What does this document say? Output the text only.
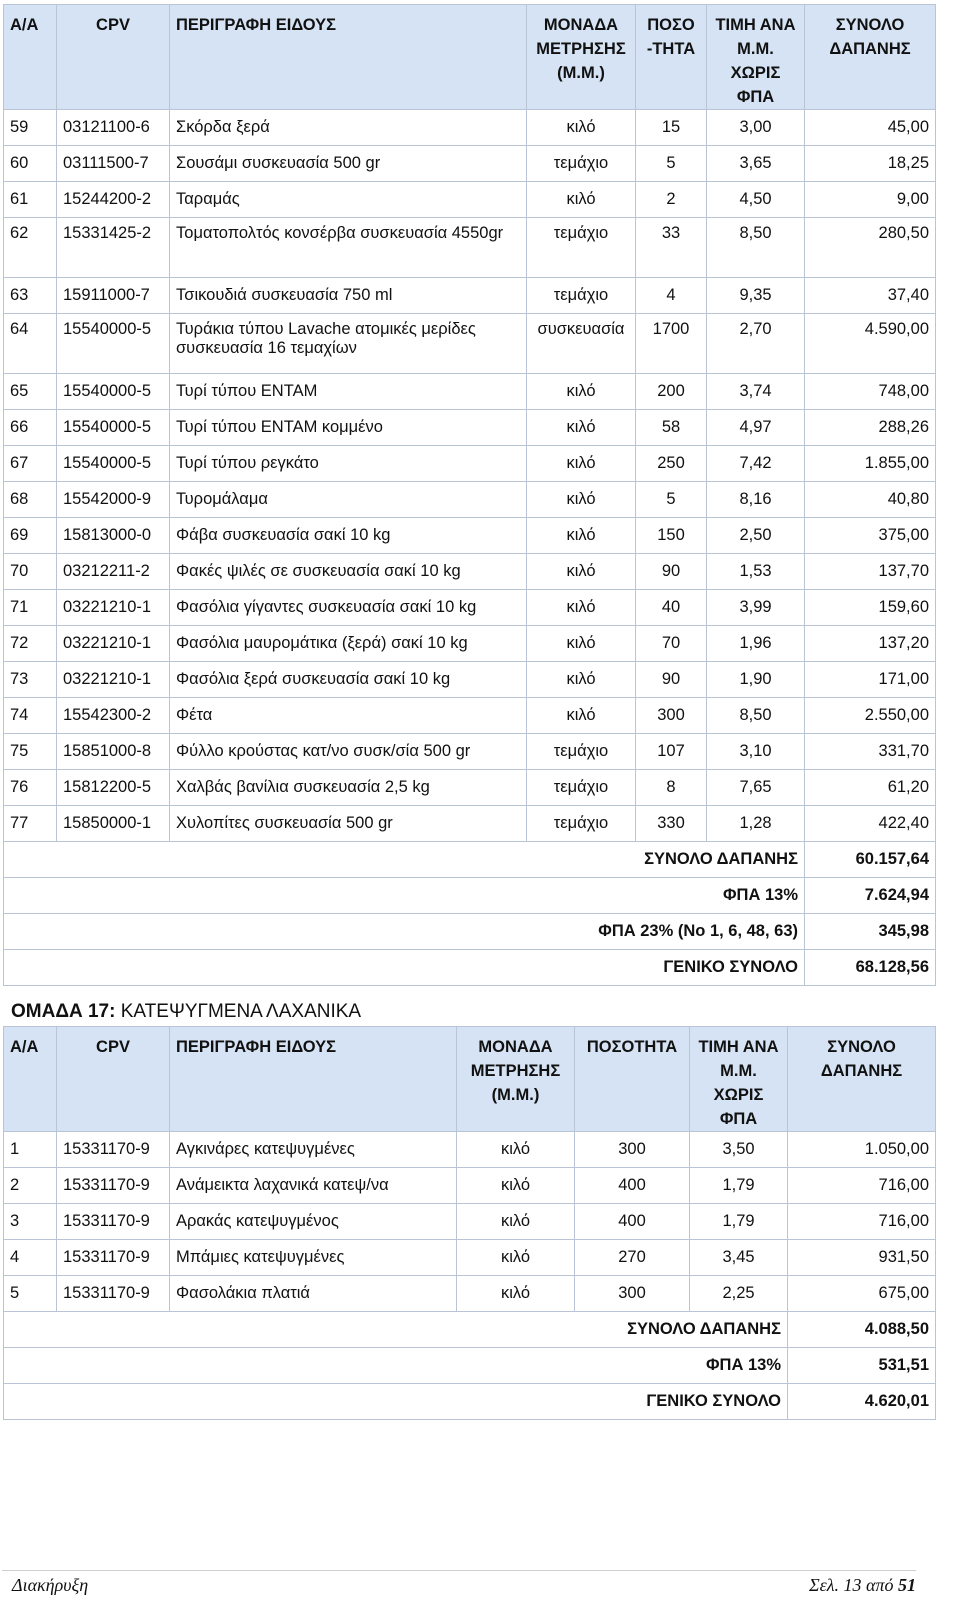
Α/Α	CPV	ΠΕΡΙΓΡΑΦΗ ΕΙΔΟΥΣ	ΜΟΝΑΔΑ ΜΕΤΡΗΣΗΣ (Μ.Μ.)	ΠΟΣΟ -ΤΗΤΑ	ΤΙΜΗ ΑΝΑ Μ.Μ. ΧΩΡΙΣ ΦΠΑ	ΣΥΝΟΛΟ ΔΑΠΑΝΗΣ
59	03121100-6	Σκόρδα ξερά	κιλό	15	3,00	45,00
60	03111500-7	Σουσάμι συσκευασία 500 gr	τεμάχιο	5	3,65	18,25
61	15244200-2	Ταραμάς	κιλό	2	4,50	9,00
62	15331425-2	Τοματοπολτός κονσέρβα συσκευασία 4550gr	τεμάχιο	33	8,50	280,50
63	15911000-7	Τσικουδιά συσκευασία 750 ml	τεμάχιο	4	9,35	37,40
64	15540000-5	Τυράκια τύπου Lavache ατομικές μερίδες συσκευασία 16 τεμαχίων	συσκευασία	1700	2,70	4.590,00
65	15540000-5	Τυρί τύπου ΕΝΤΑΜ	κιλό	200	3,74	748,00
66	15540000-5	Τυρί τύπου ΕΝΤΑΜ κομμένο	κιλό	58	4,97	288,26
67	15540000-5	Τυρί τύπου ρεγκάτο	κιλό	250	7,42	1.855,00
68	15542000-9	Τυρομάλαμα	κιλό	5	8,16	40,80
69	15813000-0	Φάβα συσκευασία σακί 10 kg	κιλό	150	2,50	375,00
70	03212211-2	Φακές ψιλές σε συσκευασία σακί 10 kg	κιλό	90	1,53	137,70
71	03221210-1	Φασόλια γίγαντες συσκευασία σακί 10 kg	κιλό	40	3,99	159,60
72	03221210-1	Φασόλια μαυρομάτικα (ξερά) σακί 10 kg	κιλό	70	1,96	137,20
73	03221210-1	Φασόλια ξερά συσκευασία σακί 10 kg	κιλό	90	1,90	171,00
74	15542300-2	Φέτα	κιλό	300	8,50	2.550,00
75	15851000-8	Φύλλο κρούστας κατ/νο συσκ/σία 500 gr	τεμάχιο	107	3,10	331,70
76	15812200-5	Χαλβάς βανίλια συσκευασία 2,5 kg	τεμάχιο	8	7,65	61,20
77	15850000-1	Χυλοπίτες συσκευασία 500 gr	τεμάχιο	330	1,28	422,40
ΣΥΝΟΛΟ ΔΑΠΑΝΗΣ						60.157,64
ΦΠΑ 13%						7.624,94
ΦΠΑ 23% (Νο 1, 6, 48, 63)						345,98
ΓΕΝΙΚΟ ΣΥΝΟΛΟ						68.128,56
ΟΜΑΔΑ 17: ΚΑΤΕΨΥΓΜΕΝΑ ΛΑΧΑΝΙΚΑ
Α/Α	CPV	ΠΕΡΙΓΡΑΦΗ ΕΙΔΟΥΣ	ΜΟΝΑΔΑ ΜΕΤΡΗΣΗΣ (Μ.Μ.)	ΠΟΣΟΤΗΤΑ	ΤΙΜΗ ΑΝΑ Μ.Μ. ΧΩΡΙΣ ΦΠΑ	ΣΥΝΟΛΟ ΔΑΠΑΝΗΣ
1	15331170-9	Αγκινάρες κατεψυγμένες	κιλό	300	3,50	1.050,00
2	15331170-9	Ανάμεικτα λαχανικά κατεψ/να	κιλό	400	1,79	716,00
3	15331170-9	Αρακάς κατεψυγμένος	κιλό	400	1,79	716,00
4	15331170-9	Μπάμιες κατεψυγμένες	κιλό	270	3,45	931,50
5	15331170-9	Φασολάκια πλατιά	κιλό	300	2,25	675,00
ΣΥΝΟΛΟ ΔΑΠΑΝΗΣ						4.088,50
ΦΠΑ 13%						531,51
ΓΕΝΙΚΟ ΣΥΝΟΛΟ						4.620,01
Διακήρυξη	Σελ. 13 από 51
